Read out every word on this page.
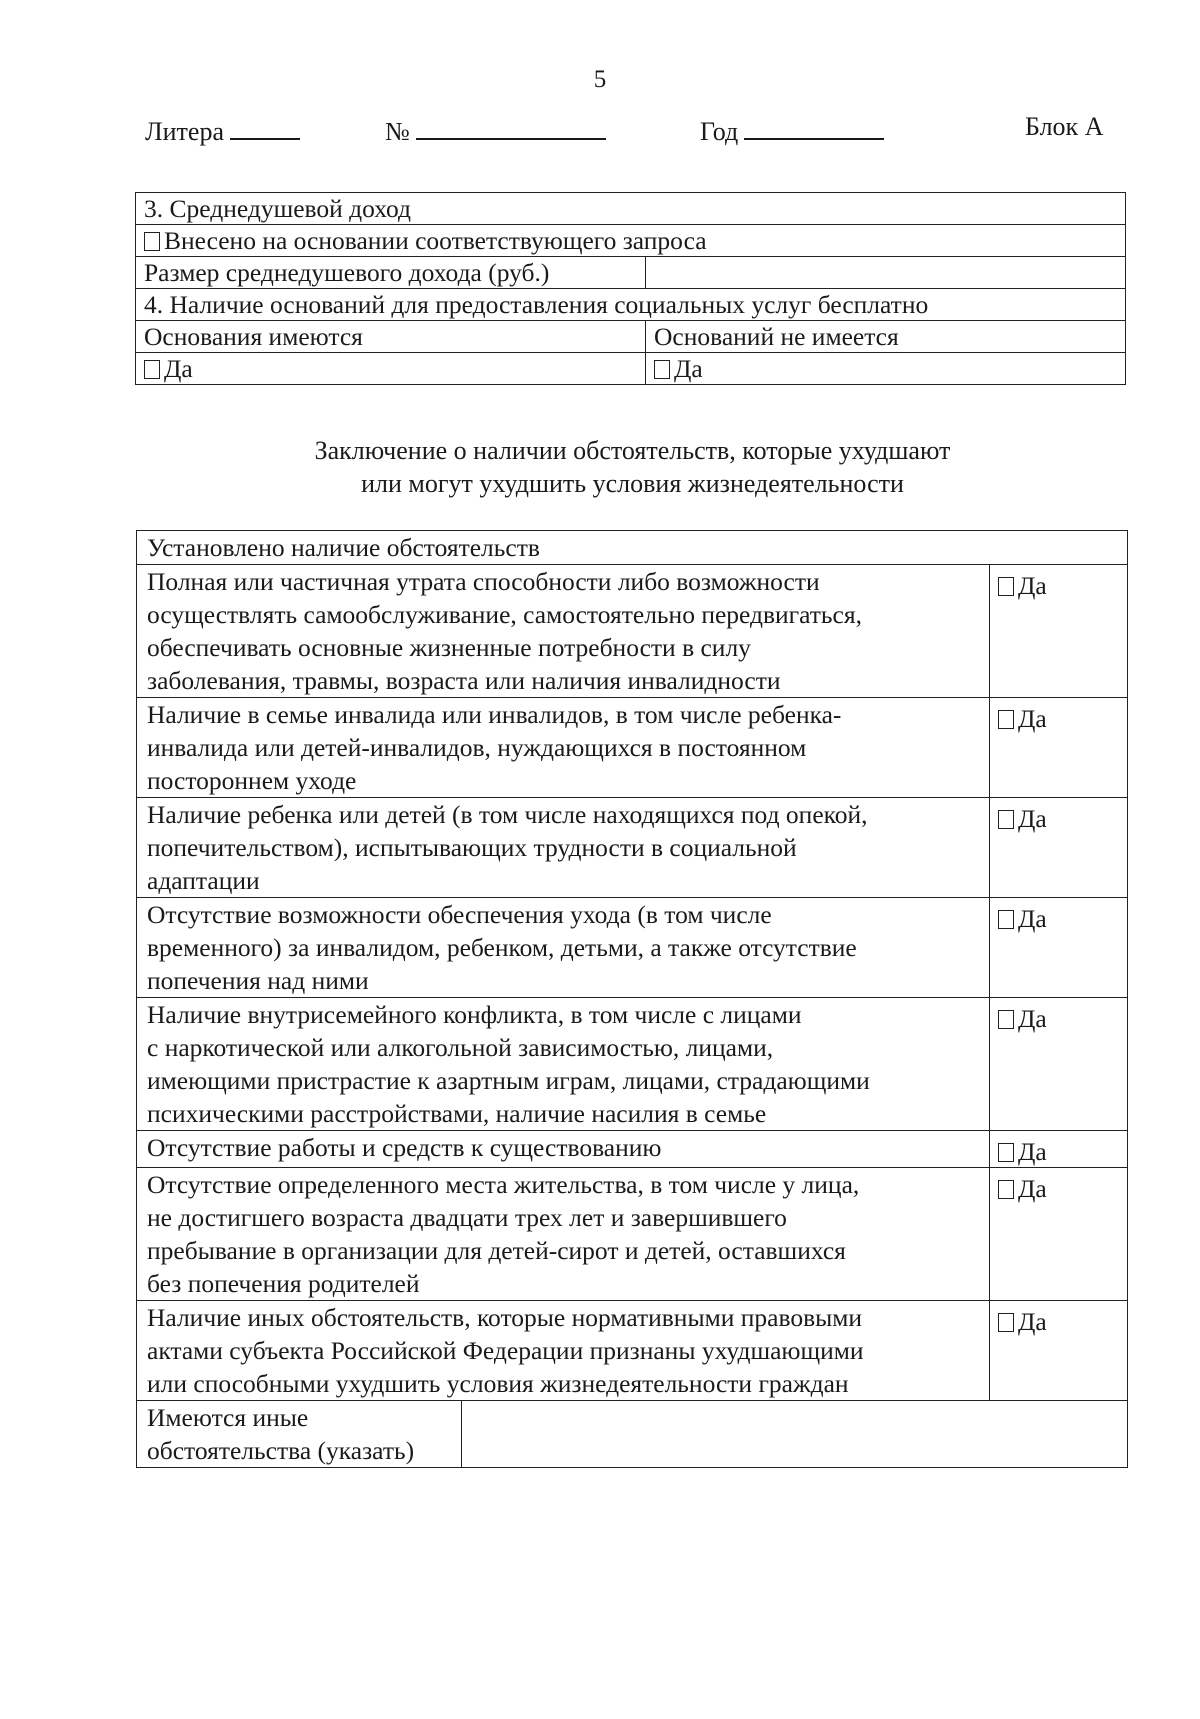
5
Литера	№	Год	Блок А
3. Среднедушевой доход	
Внесено на основании соответствующего запроса	
Размер среднедушевого дохода (руб.)	
4. Наличие оснований для предоставления социальных услуг бесплатно	
Основания имеются	Оснований не имеется
Да	Да
Заключение о наличии обстоятельств, которые ухудшают
или могут ухудшить условия жизнедеятельности
Установлено наличие обстоятельств		

Полная или частичная утрата способности либо возможности
осуществлять самообслуживание, самостоятельно передвигаться,
обеспечивать основные жизненные потребности в силу
заболевания, травмы, возраста или наличия инвалидности		Да

Наличие в семье инвалида или инвалидов, в том числе ребенка-
инвалида или детей-инвалидов, нуждающихся в постоянном
постороннем уходе		Да

Наличие ребенка или детей (в том числе находящихся под опекой,
попечительством), испытывающих трудности в социальной
адаптации		Да

Отсутствие возможности обеспечения ухода (в том числе
временного) за инвалидом, ребенком, детьми, а также отсутствие
попечения над ними		Да

Наличие внутрисемейного конфликта, в том числе с лицами
с наркотической или алкогольной зависимостью, лицами,
имеющими пристрастие к азартным играм, лицами, страдающими
психическими расстройствами, наличие насилия в семье		Да

Отсутствие работы и средств к существованию		Да

Отсутствие определенного места жительства, в том числе у лица,
не достигшего возраста двадцати трех лет и завершившего
пребывание в организации для детей-сирот и детей, оставшихся
без попечения родителей		Да

Наличие иных обстоятельств, которые нормативными правовыми
актами субъекта Российской Федерации признаны ухудшающими
или способными ухудшить условия жизнедеятельности граждан		Да

Имеются иные
обстоятельства (указать)		
